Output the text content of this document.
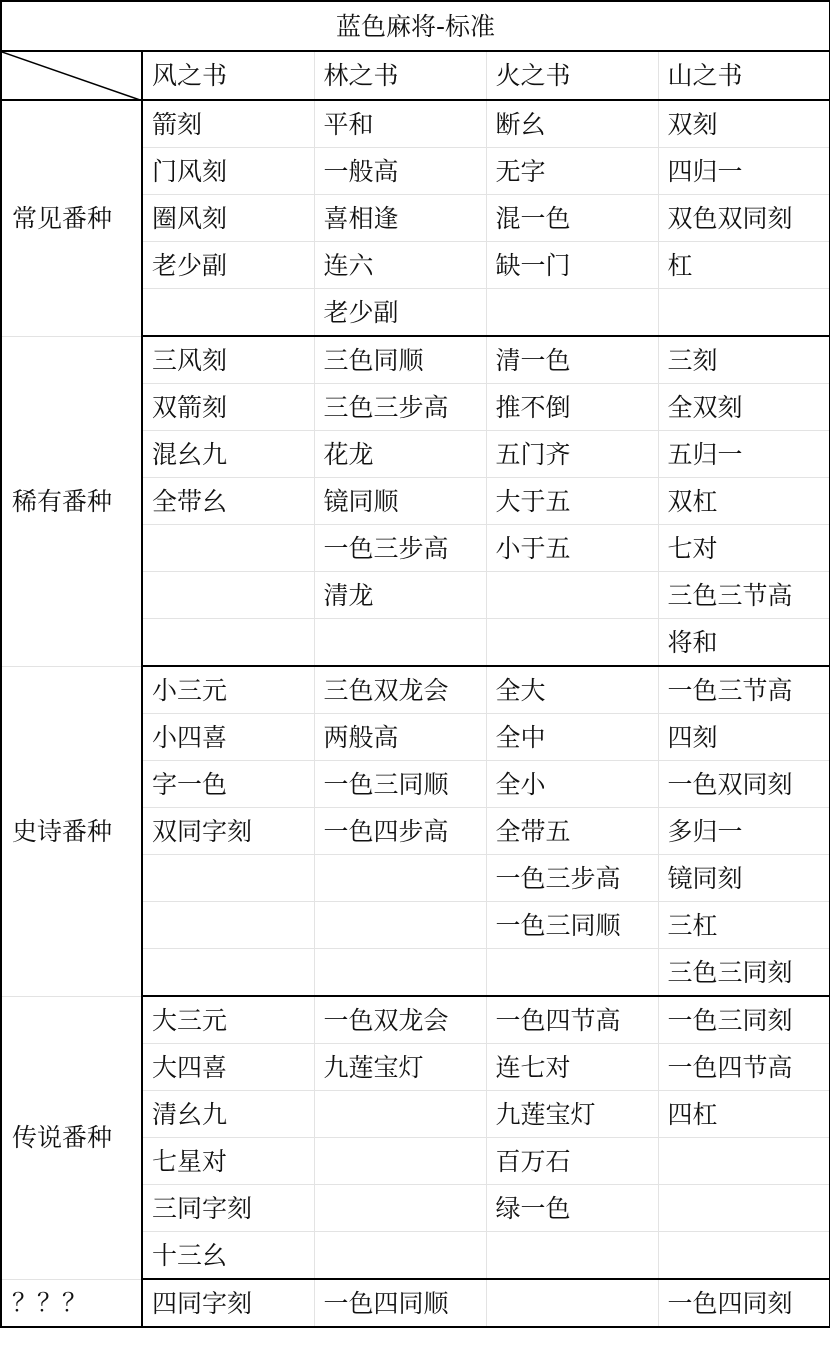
蓝色麻将-标准				

	风之书	林之书	火之书	山之书
常见番种	箭刻	平和	断幺	双刻
	门风刻	一般高	无字	四归一
	圈风刻	喜相逢	混一色	双色双同刻
	老少副	连六	缺一门	杠
		老少副		
稀有番种	三风刻	三色同顺	清一色	三刻
	双箭刻	三色三步高	推不倒	全双刻
	混幺九	花龙	五门齐	五归一
	全带幺	镜同顺	大于五	双杠
		一色三步高	小于五	七对
		清龙		三色三节高
				将和
史诗番种	小三元	三色双龙会	全大	一色三节高
	小四喜	两般高	全中	四刻
	字一色	一色三同顺	全小	一色双同刻
	双同字刻	一色四步高	全带五	多归一
			一色三步高	镜同刻
			一色三同顺	三杠
				三色三同刻
传说番种	大三元	一色双龙会	一色四节高	一色三同刻
	大四喜	九莲宝灯	连七对	一色四节高
	清幺九		九莲宝灯	四杠
	七星对		百万石	
	三同字刻		绿一色	
	十三幺			
？？？	四同字刻	一色四同顺		一色四同刻
